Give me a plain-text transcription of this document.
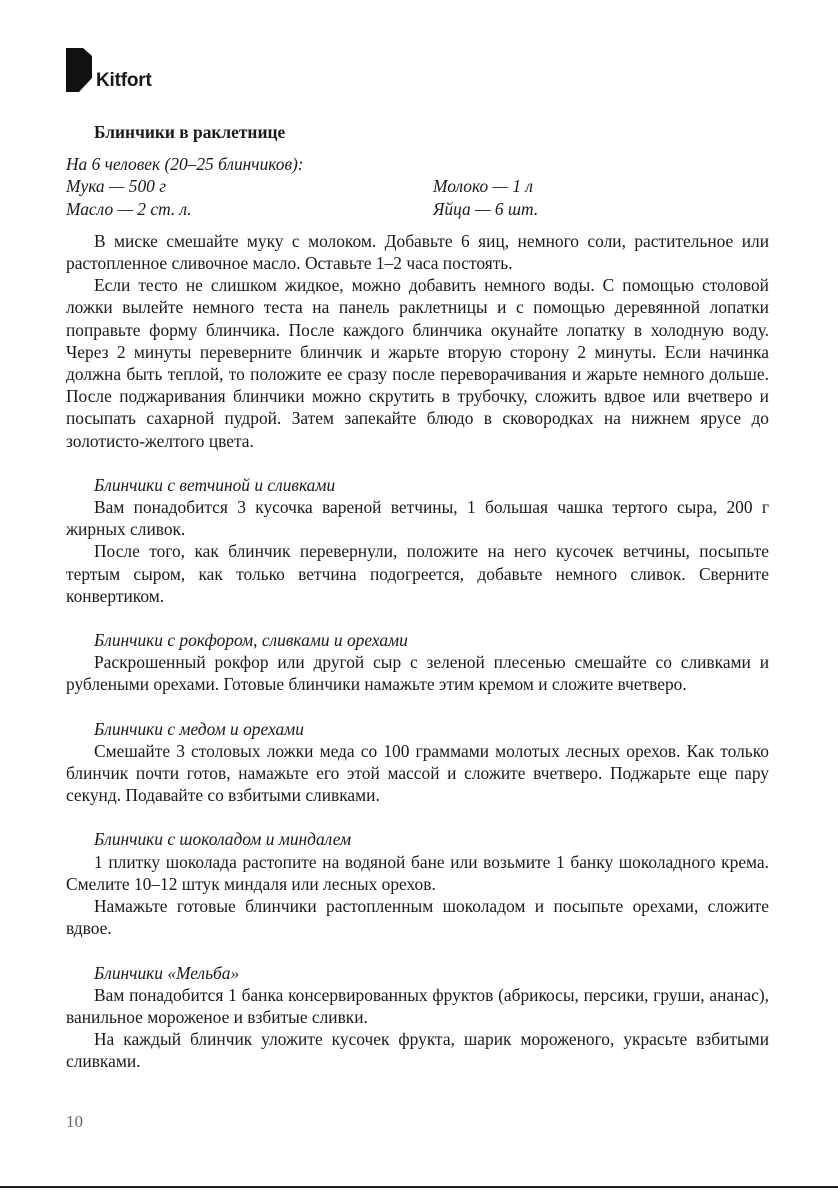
Kitfort
Блинчики в раклетнице
На 6 человек (20–25 блинчиков):
Мука — 500 г	Молоко — 1 л
Масло — 2 ст. л.	Яйца — 6 шт.

В миске смешайте муку с молоком. Добавьте 6 яиц, немного соли, растительное или растопленное сливочное масло. Оставьте 1–2 часа постоять.

Если тесто не слишком жидкое, можно добавить немного воды. С помощью столовой ложки вылейте немного теста на панель раклетницы и с помощью деревянной лопатки поправьте форму блинчика. После каждого блинчика окунайте лопатку в холодную воду. Через 2 минуты переверните блинчик и жарьте вторую сторону 2 минуты. Если начинка должна быть теплой, то положите ее сразу после переворачивания и жарьте немного дольше. После поджаривания блинчики можно скрутить в трубочку, сложить вдвое или вчетверо и посыпать сахарной пудрой. Затем запекайте блюдо в сковородках на нижнем ярусе до золотисто-желтого цвета.

Блинчики с ветчиной и сливками

Вам понадобится 3 кусочка вареной ветчины, 1 большая чашка тертого сыра, 200 г жирных сливок.

После того, как блинчик перевернули, положите на него кусочек ветчины, посыпьте тертым сыром, как только ветчина подогреется, добавьте немного сливок. Сверните конвертиком.

Блинчики с рокфором, сливками и орехами

Раскрошенный рокфор или другой сыр с зеленой плесенью смешайте со сливками и рублеными орехами. Готовые блинчики намажьте этим кремом и сложите вчетверо.

Блинчики с медом и орехами

Смешайте 3 столовых ложки меда со 100 граммами молотых лесных орехов. Как только блинчик почти готов, намажьте его этой массой и сложите вчетверо. Поджарьте еще пару секунд. Подавайте со взбитыми сливками.

Блинчики с шоколадом и миндалем

1 плитку шоколада растопите на водяной бане или возьмите 1 банку шоколадного крема. Смелите 10–12 штук миндаля или лесных орехов.

Намажьте готовые блинчики растопленным шоколадом и посыпьте орехами, сложите вдвое.

Блинчики «Мельба»

Вам понадобится 1 банка консервированных фруктов (абрикосы, персики, груши, ананас), ванильное мороженое и взбитые сливки.

На каждый блинчик уложите кусочек фрукта, шарик мороженого, украсьте взбитыми сливками.

10
